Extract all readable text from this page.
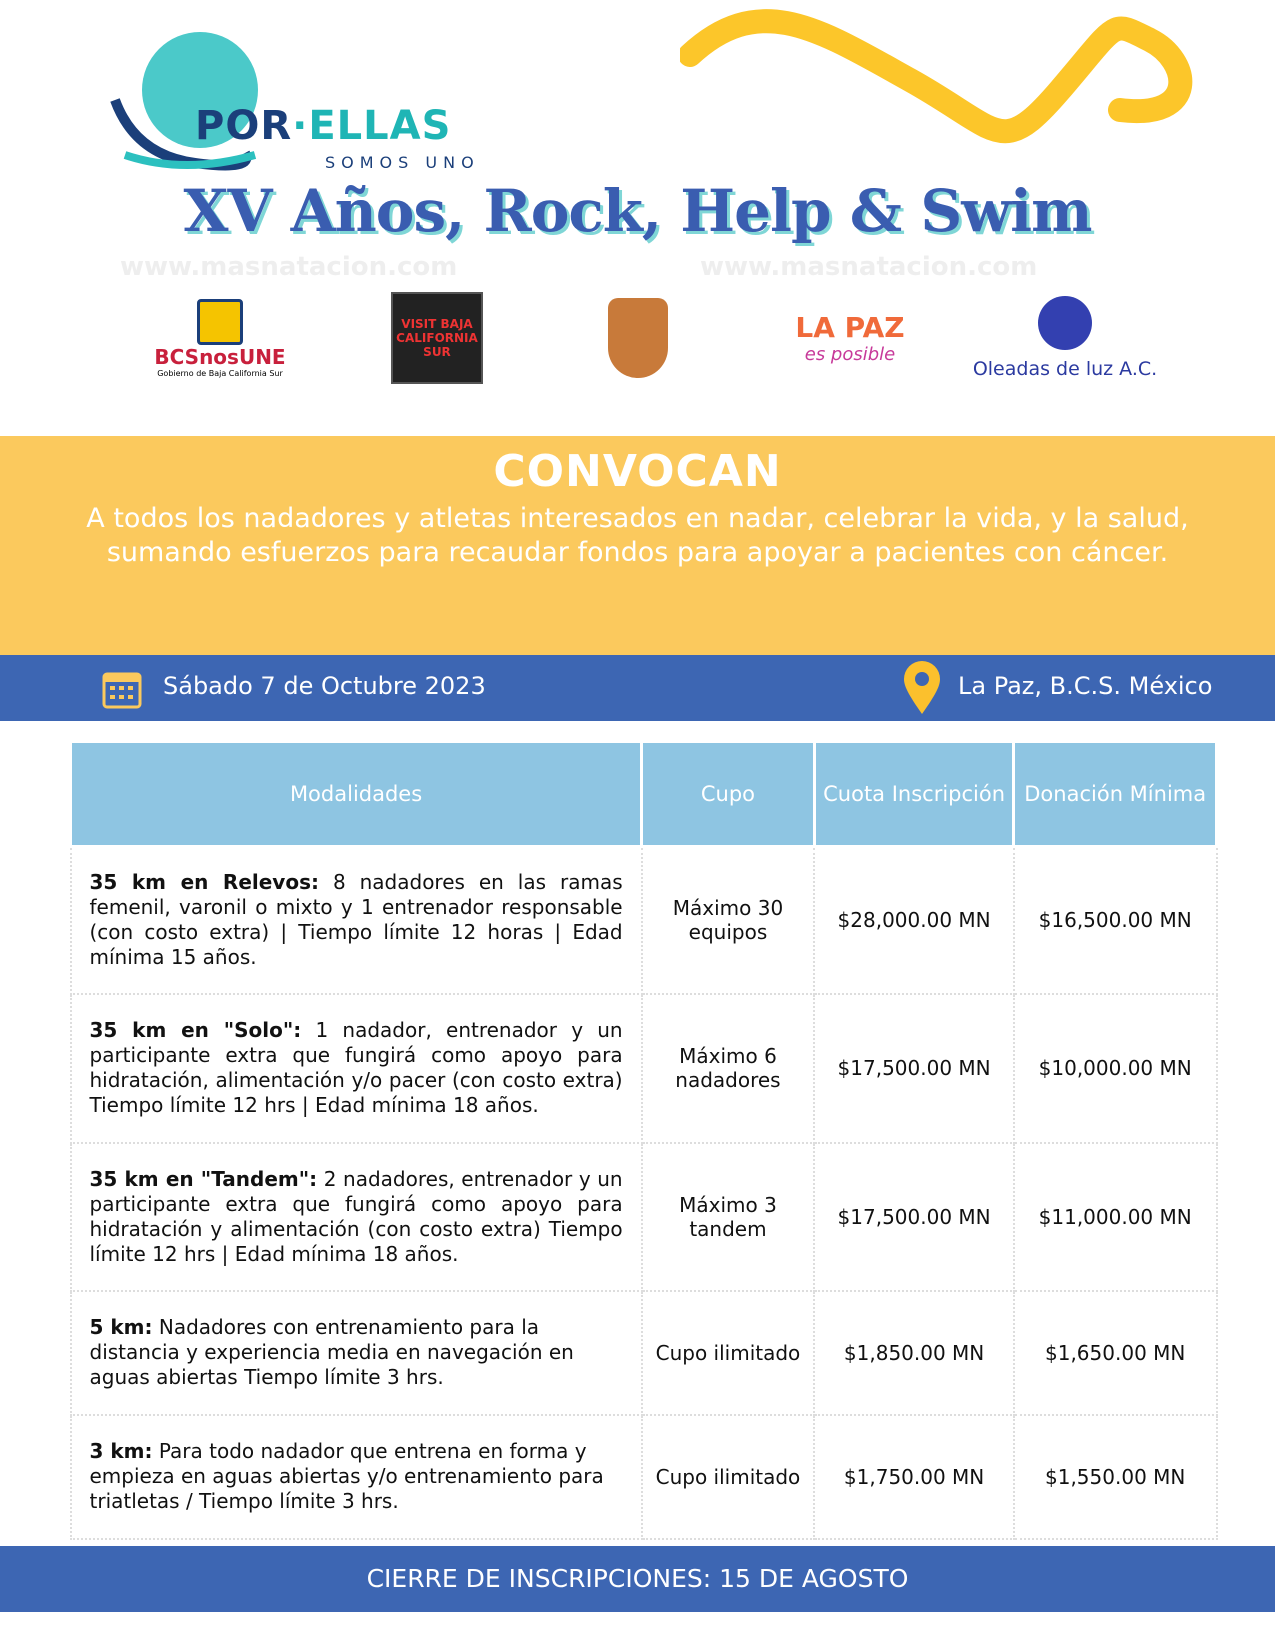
POR·ELLAS
SOMOS UNO
XV Años, Rock, Help & Swim
www.masnatacion.com	www.masnatacion.com
BCSnosUNE
Gobierno de Baja California Sur
VISIT BAJA CALIFORNIA SUR
LA PAZ
es posible
Oleadas de luz A.C.
CONVOCAN

A todos los nadadores y atletas interesados en nadar, celebrar la vida, y la salud, sumando esfuerzos para recaudar fondos para apoyar a pacientes con cáncer.

Sábado 7 de Octubre 2023	La Paz, B.C.S. México
Modalidades	Cupo	Cuota Inscripción	Donación Mínima
35 km en Relevos: 8 nadadores en las ramas femenil, varonil o mixto y 1 entrenador responsable (con costo extra) | Tiempo límite 12 horas | Edad mínima 15 años.	Máximo 30 equipos	$28,000.00 MN	$16,500.00 MN
35 km en "Solo": 1 nadador, entrenador y un participante extra que fungirá como apoyo para hidratación, alimentación y/o pacer (con costo extra) Tiempo límite 12 hrs | Edad mínima 18 años.	Máximo 6 nadadores	$17,500.00 MN	$10,000.00 MN
35 km en "Tandem": 2 nadadores, entrenador y un participante extra que fungirá como apoyo para hidratación y alimentación (con costo extra) Tiempo límite 12 hrs | Edad mínima 18 años.	Máximo 3 tandem	$17,500.00 MN	$11,000.00 MN
5 km: Nadadores con entrenamiento para la distancia y experiencia media en navegación en aguas abiertas Tiempo límite 3 hrs.	Cupo ilimitado	$1,850.00 MN	$1,650.00 MN
3 km: Para todo nadador que entrena en forma y empieza en aguas abiertas y/o entrenamiento para triatletas / Tiempo límite 3 hrs.	Cupo ilimitado	$1,750.00 MN	$1,550.00 MN
CIERRE DE INSCRIPCIONES: 15 DE AGOSTO
